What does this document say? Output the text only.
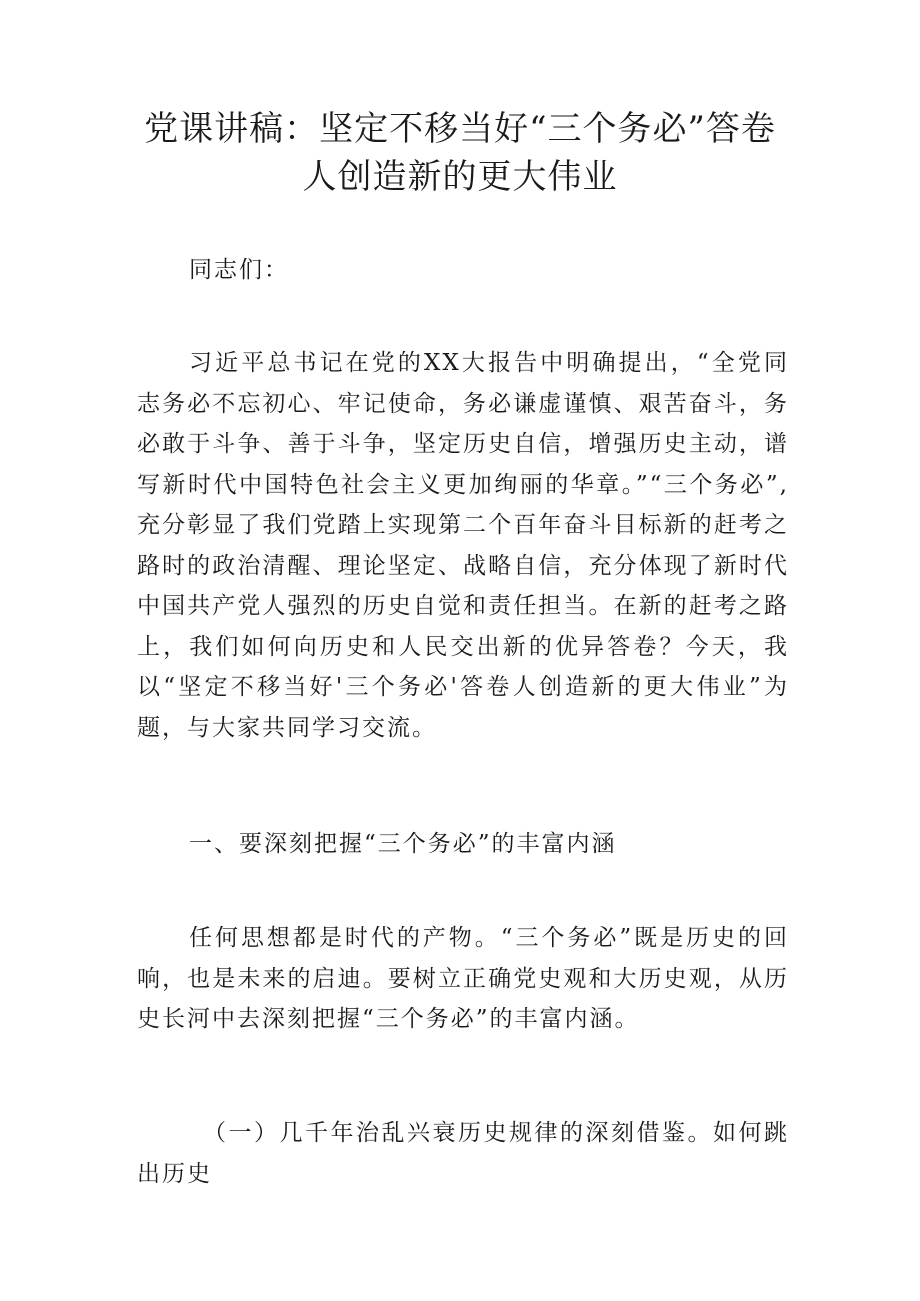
党课讲稿：坚定不移当好“三个务必”答卷
人创造新的更大伟业

同志们：

习近平总书记在党的XX大报告中明确提出，“全党同志务必不忘初心、牢记使命，务必谦虚谨慎、艰苦奋斗，务必敢于斗争、善于斗争，坚定历史自信，增强历史主动，谱写新时代中国特色社会主义更加绚丽的华章。”“三个务必”,充分彰显了我们党踏上实现第二个百年奋斗目标新的赶考之路时的政治清醒、理论坚定、战略自信，充分体现了新时代中国共产党人强烈的历史自觉和责任担当。在新的赶考之路上，我们如何向历史和人民交出新的优异答卷？今天，我以“坚定不移当好'三个务必'答卷人创造新的更大伟业”为题，与大家共同学习交流。

一、要深刻把握“三个务必”的丰富内涵

任何思想都是时代的产物。“三个务必”既是历史的回响，也是未来的启迪。要树立正确党史观和大历史观，从历史长河中去深刻把握“三个务必”的丰富内涵。

（一）几千年治乱兴衰历史规律的深刻借鉴。如何跳出历史
